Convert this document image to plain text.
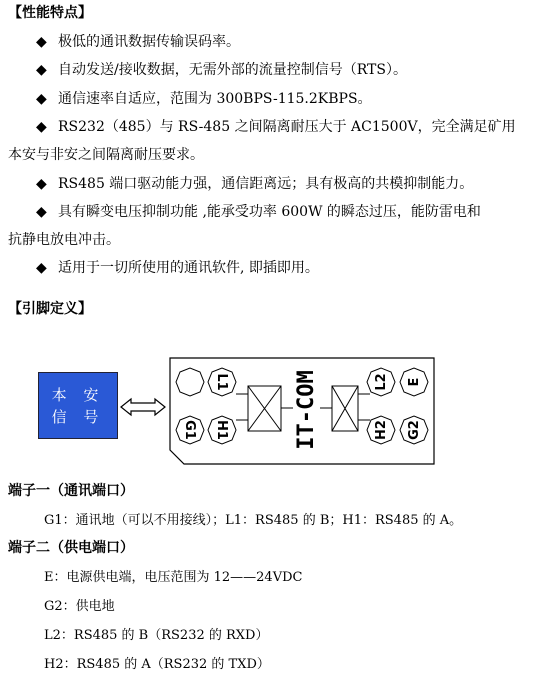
【性能特点】
◆ 极低的通讯数据传输误码率。
◆ 自动发送/接收数据，无需外部的流量控制信号（RTS）。
◆ 通信速率自适应，范围为 300BPS-115.2KBPS。
◆ RS232（485）与 RS-485 之间隔离耐压大于 AC1500V，完全满足矿用
本安与非安之间隔离耐压要求。
◆ RS485 端口驱动能力强，通信距离远；具有极高的共模抑制能力。
◆ 具有瞬变电压抑制功能 ,能承受功率 600W 的瞬态过压，能防雷电和
抗静电放电冲击。
◆ 适用于一切所使用的通讯软件, 即插即用。
【引脚定义】
本 安
信 号
L1
G1 H1
L2 E
H2 G2
IT-COM
端子一（通讯端口）
G1：通讯地（可以不用接线）；L1：RS485 的 B；H1：RS485 的 A。
端子二（供电端口）
E：电源供电端，电压范围为 12——24VDC
G2：供电地
L2：RS485 的 B（RS232 的 RXD）
H2：RS485 的 A（RS232 的 TXD）
